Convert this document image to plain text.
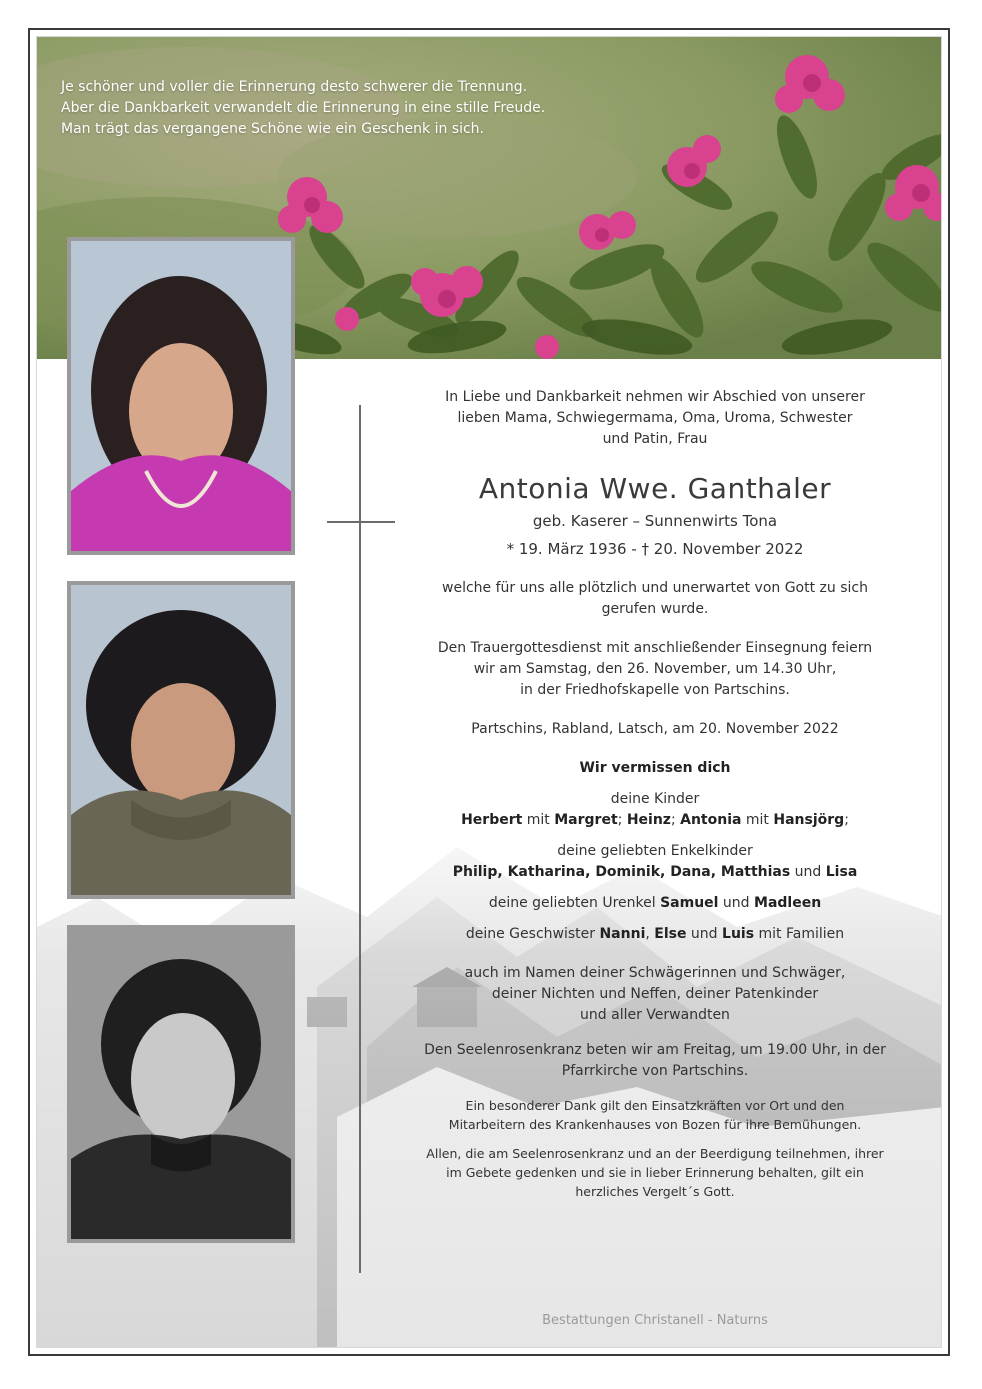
Je schöner und voller die Erinnerung desto schwerer die Trennung.
Aber die Dankbarkeit verwandelt die Erinnerung in eine stille Freude.
Man trägt das vergangene Schöne wie ein Geschenk in sich.
In Liebe und Dankbarkeit nehmen wir Abschied von unserer
lieben Mama, Schwiegermama, Oma, Uroma, Schwester
und Patin, Frau
Antonia Wwe. Ganthaler
geb. Kaserer – Sunnenwirts Tona
* 19. März 1936 - † 20. November 2022
welche für uns alle plötzlich und unerwartet von Gott zu sich
gerufen wurde.
Den Trauergottesdienst mit anschließender Einsegnung feiern
wir am Samstag, den 26. November, um 14.30 Uhr,
in der Friedhofskapelle von Partschins.
Partschins, Rabland, Latsch, am 20. November 2022
Wir vermissen dich
deine Kinder
Herbert mit Margret; Heinz; Antonia mit Hansjörg;
deine geliebten Enkelkinder
Philip, Katharina, Dominik, Dana, Matthias und Lisa
deine geliebten Urenkel Samuel und Madleen
deine Geschwister Nanni, Else und Luis mit Familien
auch im Namen deiner Schwägerinnen und Schwäger,
deiner Nichten und Neffen, deiner Patenkinder
und aller Verwandten
Den Seelenrosenkranz beten wir am Freitag, um 19.00 Uhr, in der
Pfarrkirche von Partschins.
Ein besonderer Dank gilt den Einsatzkräften vor Ort und den
Mitarbeitern des Krankenhauses von Bozen für ihre Bemühungen.
Allen, die am Seelenrosenkranz und an der Beerdigung teilnehmen, ihrer
im Gebete gedenken und sie in lieber Erinnerung behalten, gilt ein
herzliches Vergelt´s Gott.
Bestattungen Christanell - Naturns
